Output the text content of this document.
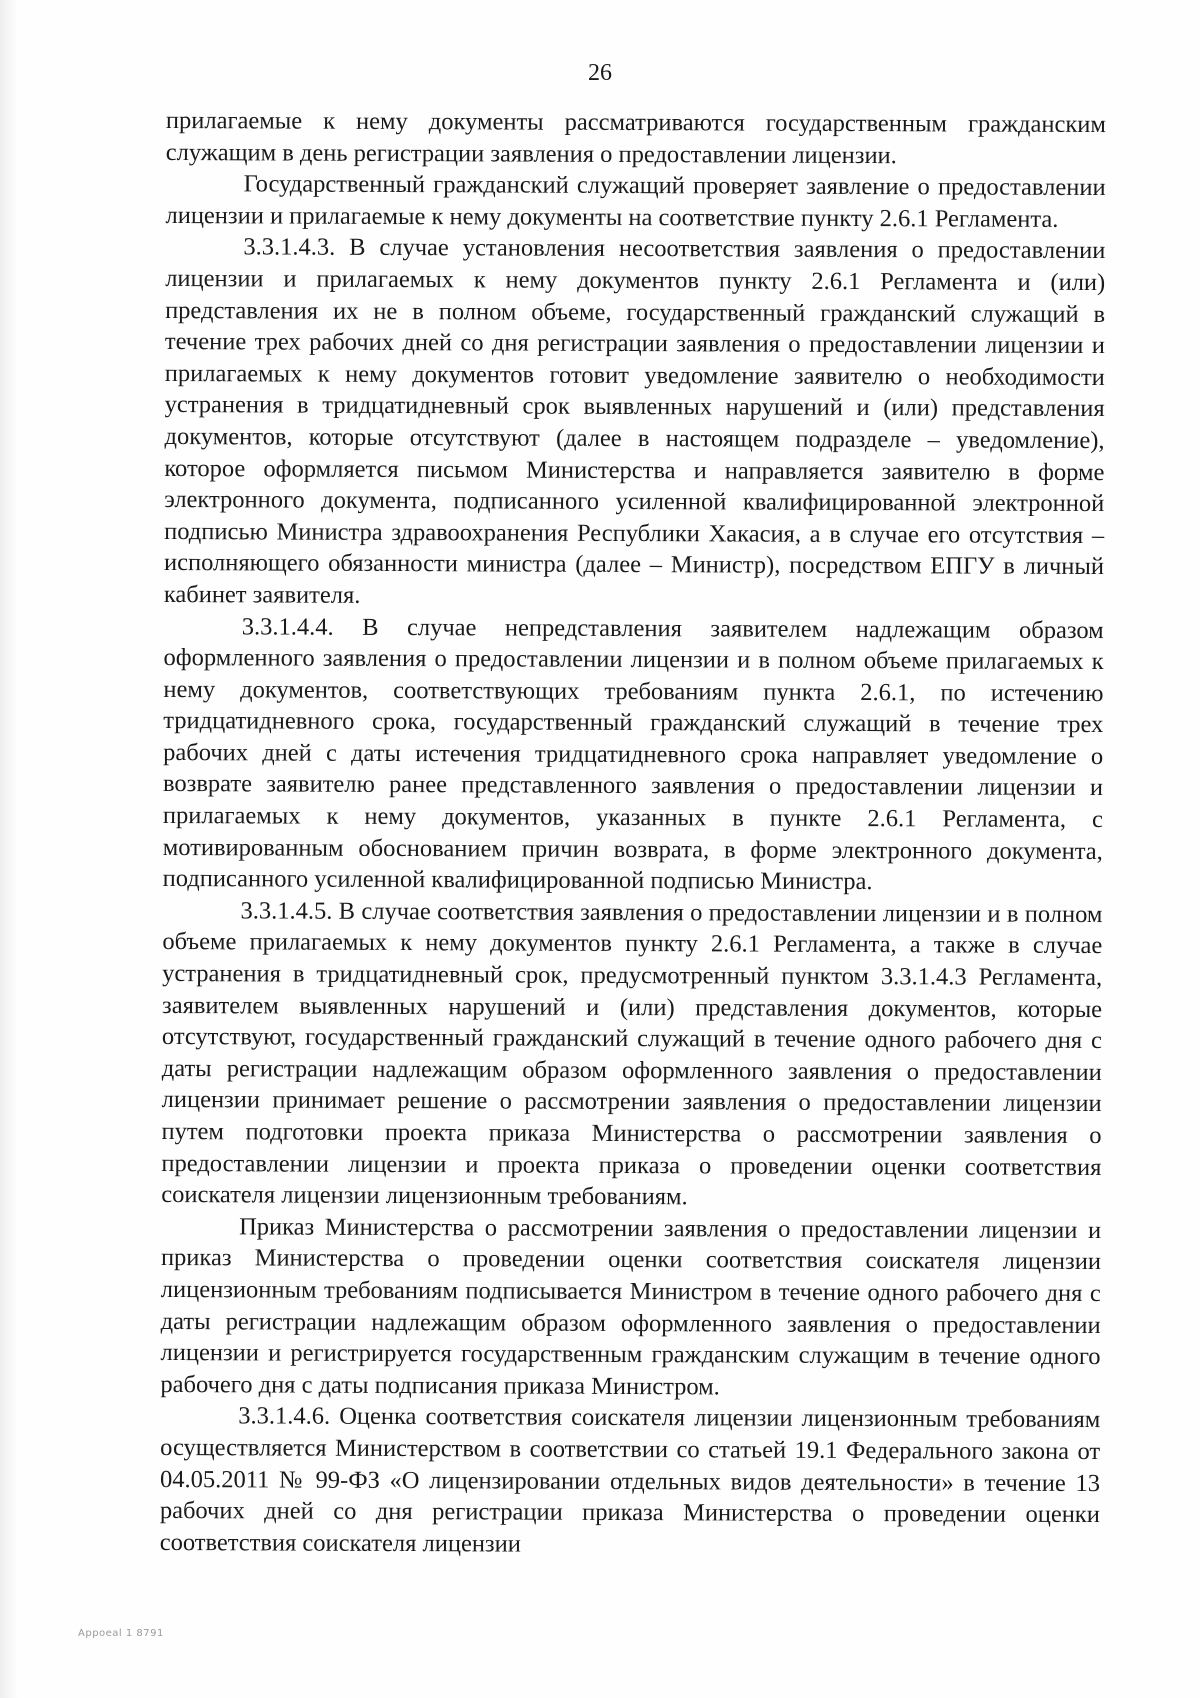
26

прилагаемые к нему документы рассматриваются государственным гражданским служащим в день регистрации заявления о предоставлении лицензии.

Государственный гражданский служащий проверяет заявление о предоставлении лицензии и прилагаемые к нему документы на соответствие пункту 2.6.1 Регламента.

3.3.1.4.3. В случае установления несоответствия заявления о предоставлении лицензии и прилагаемых к нему документов пункту 2.6.1 Регламента и (или) представления их не в полном объеме, государственный гражданский служащий в течение трех рабочих дней со дня регистрации заявления о предоставлении лицензии и прилагаемых к нему документов готовит уведомление заявителю о необходимости устранения в тридцатидневный срок выявленных нарушений и (или) представления документов, которые отсутствуют (далее в настоящем подразделе – уведомление), которое оформляется письмом Министерства и направляется заявителю в форме электронного документа, подписанного усиленной квалифицированной электронной подписью Министра здравоохранения Республики Хакасия, а в случае его отсутствия – исполняющего обязанности министра (далее – Министр), посредством ЕПГУ в личный кабинет заявителя.

3.3.1.4.4. В случае непредставления заявителем надлежащим образом оформленного заявления о предоставлении лицензии и в полном объеме прилагаемых к нему документов, соответствующих требованиям пункта 2.6.1, по истечению тридцатидневного срока, государственный гражданский служащий в течение трех рабочих дней с даты истечения тридцатидневного срока направляет уведомление о возврате заявителю ранее представленного заявления о предоставлении лицензии и прилагаемых к нему документов, указанных в пункте 2.6.1 Регламента, с мотивированным обоснованием причин возврата, в форме электронного документа, подписанного усиленной квалифицированной подписью Министра.

3.3.1.4.5. В случае соответствия заявления о предоставлении лицензии и в полном объеме прилагаемых к нему документов пункту 2.6.1 Регламента, а также в случае устранения в тридцатидневный срок, предусмотренный пунктом 3.3.1.4.3 Регламента, заявителем выявленных нарушений и (или) представления документов, которые отсутствуют, государственный гражданский служащий в течение одного рабочего дня с даты регистрации надлежащим образом оформленного заявления о предоставлении лицензии принимает решение о рассмотрении заявления о предоставлении лицензии путем подготовки проекта приказа Министерства о рассмотрении заявления о предоставлении лицензии и проекта приказа о проведении оценки соответствия соискателя лицензии лицензионным требованиям.

Приказ Министерства о рассмотрении заявления о предоставлении лицензии и приказ Министерства о проведении оценки соответствия соискателя лицензии лицензионным требованиям подписывается Министром в течение одного рабочего дня с даты регистрации надлежащим образом оформленного заявления о предоставлении лицензии и регистрируется государственным гражданским служащим в течение одного рабочего дня с даты подписания приказа Министром.

3.3.1.4.6. Оценка соответствия соискателя лицензии лицензионным требованиям осуществляется Министерством в соответствии со статьей 19.1 Федерального закона от 04.05.2011 № 99-ФЗ «О лицензировании отдельных видов деятельности» в течение 13 рабочих дней со дня регистрации приказа Министерства о проведении оценки соответствия соискателя лицензии

Appoeal 1 8791
